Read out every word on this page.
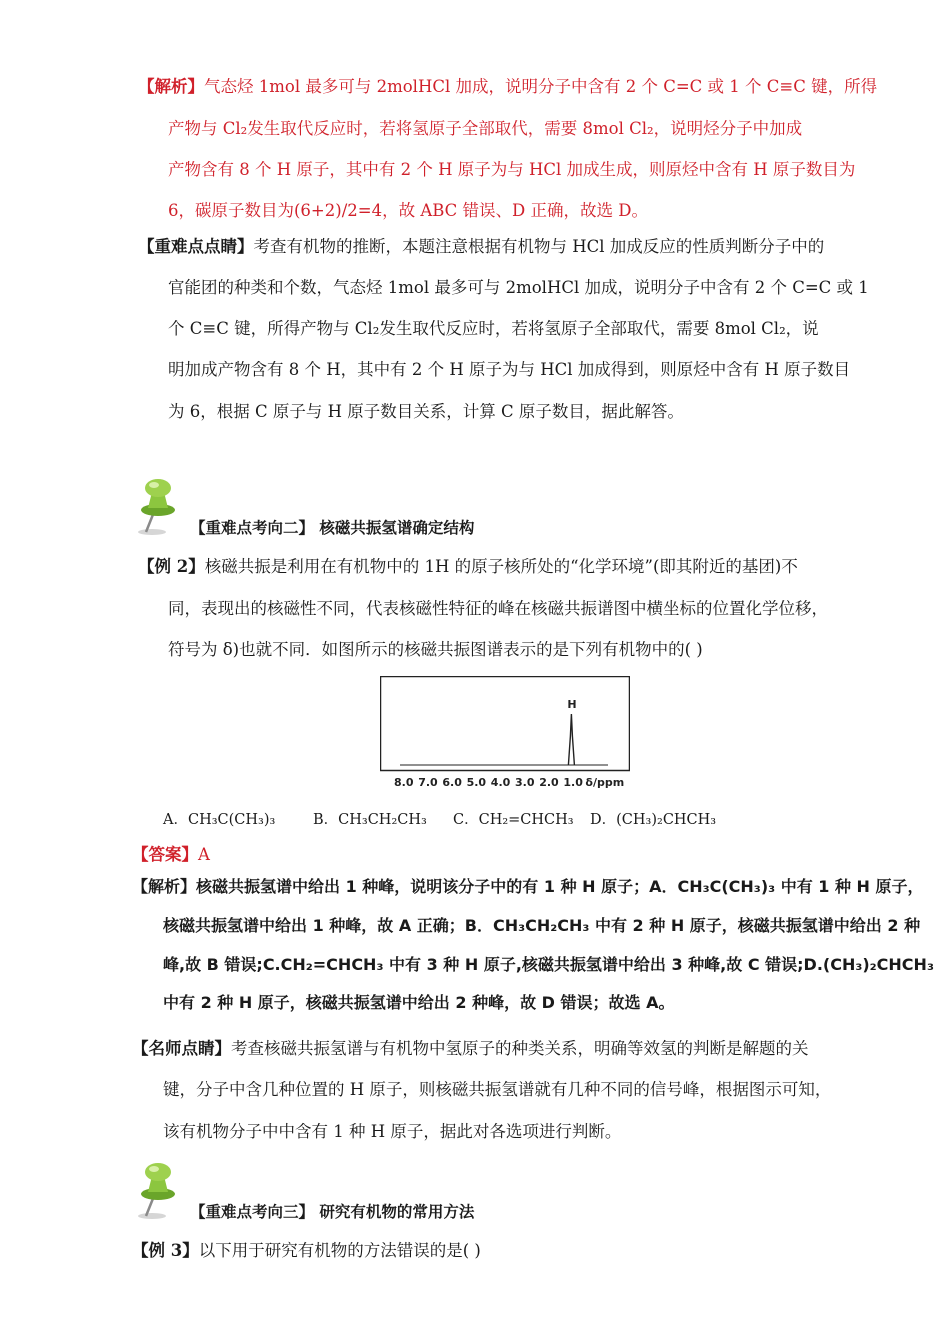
【解析】气态烃 1mol 最多可与 2molHCl 加成，说明分子中含有 2 个 C=C 或 1 个 C≡C 键，所得
产物与 Cl₂发生取代反应时，若将氢原子全部取代，需要 8mol Cl₂，说明烃分子中加成
产物含有 8 个 H 原子，其中有 2 个 H 原子为与 HCl 加成生成，则原烃中含有 H 原子数目为
6，碳原子数目为(6+2)/2=4，故 ABC 错误、D 正确，故选 D。
【重难点点睛】考查有机物的推断，本题注意根据有机物与 HCl 加成反应的性质判断分子中的
官能团的种类和个数，气态烃 1mol 最多可与 2molHCl 加成，说明分子中含有 2 个 C=C 或 1
个 C≡C 键，所得产物与 Cl₂发生取代反应时，若将氢原子全部取代，需要 8mol Cl₂，说
明加成产物含有 8 个 H，其中有 2 个 H 原子为与 HCl 加成得到，则原烃中含有 H 原子数目
为 6，根据 C 原子与 H 原子数目关系，计算 C 原子数目，据此解答。
【重难点考向二】 核磁共振氢谱确定结构
【例 2】核磁共振是利用在有机物中的 1H 的原子核所处的“化学环境”(即其附近的基团)不
同，表现出的核磁性不同，代表核磁性特征的峰在核磁共振谱图中横坐标的位置化学位移，
符号为 δ)也就不同．如图所示的核磁共振图谱表示的是下列有机物中的( )
H
8.0 7.0 6.0 5.0 4.0 3.0 2.0 1.0 δ/ppm
A．CH₃C(CH₃)₃	B．CH₃CH₂CH₃ C．CH₂=CHCH₃ D．(CH₃)₂CHCH₃
【答案】A
【解析】核磁共振氢谱中给出 1 种峰，说明该分子中的有 1 种 H 原子；A．CH₃C(CH₃)₃ 中有 1 种 H 原子，
核磁共振氢谱中给出 1 种峰，故 A 正确；B．CH₃CH₂CH₃ 中有 2 种 H 原子，核磁共振氢谱中给出 2 种
峰,故 B 错误;C.CH₂=CHCH₃ 中有 3 种 H 原子,核磁共振氢谱中给出 3 种峰,故 C 错误;D.(CH₃)₂CHCH₃
中有 2 种 H 原子，核磁共振氢谱中给出 2 种峰，故 D 错误；故选 A。
【名师点睛】考查核磁共振氢谱与有机物中氢原子的种类关系，明确等效氢的判断是解题的关
键，分子中含几种位置的 H 原子，则核磁共振氢谱就有几种不同的信号峰，根据图示可知，
该有机物分子中中含有 1 种 H 原子，据此对各选项进行判断。
【重难点考向三】 研究有机物的常用方法
【例 3】以下用于研究有机物的方法错误的是( )
